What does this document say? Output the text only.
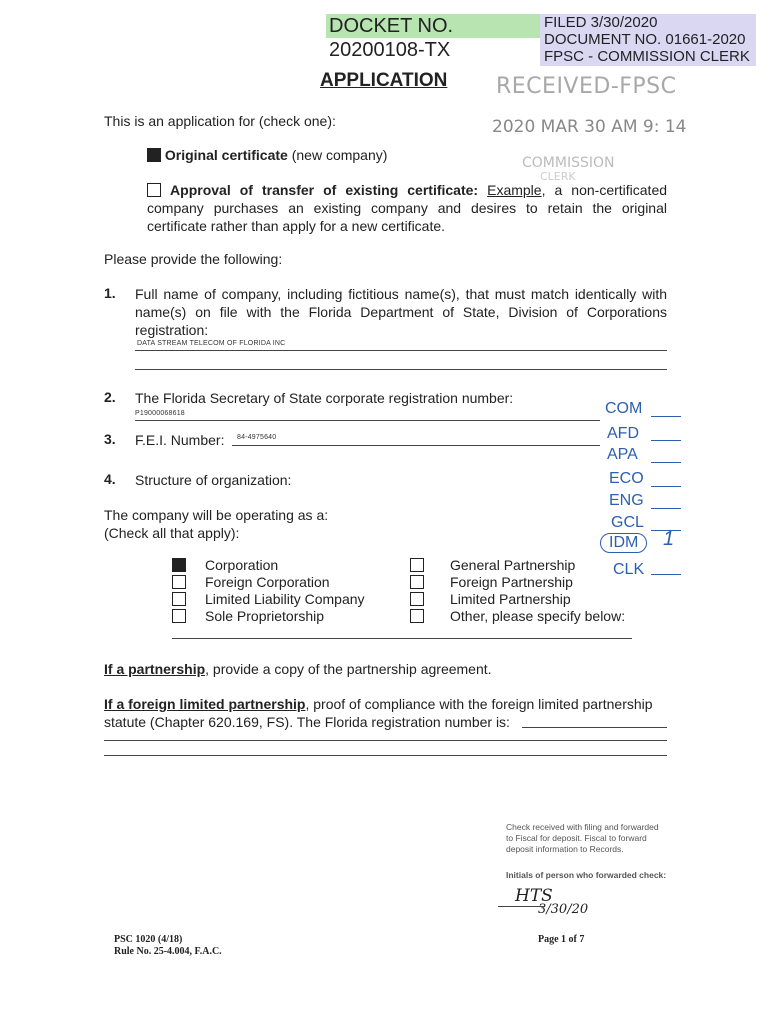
DOCKET NO. 20200108-TX
FILED 3/30/2020
DOCUMENT NO. 01661-2020
FPSC - COMMISSION CLERK
RECEIVED-FPSC
2020 MAR 30 AM 9: 14
COMMISSION
CLERK
APPLICATION
This is an application for (check one):
Original certificate (new company)
Approval of transfer of existing certificate: Example, a non-certificated company purchases an existing company and desires to retain the original certificate rather than apply for a new certificate.
Please provide the following:
1. Full name of company, including fictitious name(s), that must match identically with name(s) on file with the Florida Department of State, Division of Corporations registration:
DATA STREAM TELECOM OF FLORIDA INC
2. The Florida Secretary of State corporate registration number:
P19000068618
3. F.E.I. Number: 84-4975640
4. Structure of organization:
The company will be operating as a:
(Check all that apply):
Corporation
Foreign Corporation
Limited Liability Company
Sole Proprietorship
General Partnership
Foreign Partnership
Limited Partnership
Other, please specify below:
If a partnership, provide a copy of the partnership agreement.
If a foreign limited partnership, proof of compliance with the foreign limited partnership
statute (Chapter 620.169, FS). The Florida registration number is:
COM
AFD
APA
ECO
ENG
GCL
IDM	1
CLK
Check received with filing and forwarded
to Fiscal for deposit. Fiscal to forward
deposit information to Records.
Initials of person who forwarded check:
HTS
3/30/20
PSC 1020 (4/18)
Rule No. 25-4.004, F.A.C.
Page 1 of 7
